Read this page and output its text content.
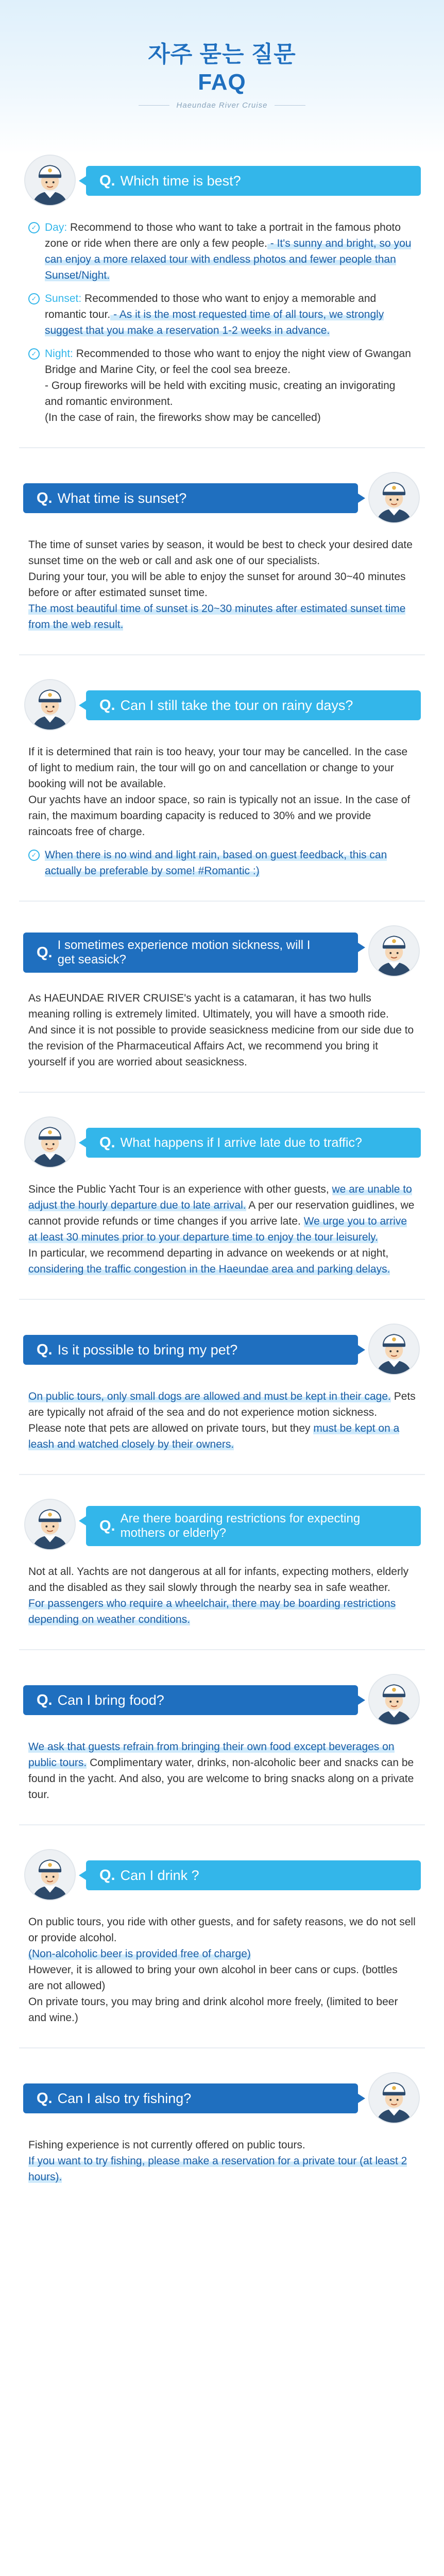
자주 묻는 질문
FAQ
Haeundae River Cruise
Q. Which time is best?
✓ Day: Recommend to those who want to take a portrait in the famous photo zone or ride when there are only a few people. - It's sunny and bright, so you can enjoy a more relaxed tour with endless photos and fewer people than Sunset/Night.

✓ Sunset: Recommended to those who want to enjoy a memorable and romantic tour. - As it is the most requested time of all tours, we strongly suggest that you make a reservation 1-2 weeks in advance.

✓ Night: Recommended to those who want to enjoy the night view of Gwangan Bridge and Marine City, or feel the cool sea breeze.
- Group fireworks will be held with exciting music, creating an invigorating and romantic environment.
(In the case of rain, the fireworks show may be cancelled)

Q. What time is sunset?

The time of sunset varies by season, it would be best to check your desired date sunset time on the web or call and ask one of our specialists.

During your tour, you will be able to enjoy the sunset for around 30~40 minutes before or after estimated sunset time.

The most beautiful time of sunset is 20~30 minutes after estimated sunset time from the web result.

Q. Can I still take the tour on rainy days?

If it is determined that rain is too heavy, your tour may be cancelled. In the case of light to medium rain, the tour will go on and cancellation or change to your booking will not be available.

Our yachts have an indoor space, so rain is typically not an issue. In the case of rain, the maximum boarding capacity is reduced to 30% and we provide raincoats free of charge.

✓ When there is no wind and light rain, based on guest feedback, this can actually be preferable by some! #Romantic :)

Q. I sometimes experience motion sickness, will I get seasick?

As HAEUNDAE RIVER CRUISE's yacht is a catamaran, it has two hulls meaning rolling is extremely limited. Ultimately, you will have a smooth ride.

And since it is not possible to provide seasickness medicine from our side due to the revision of the Pharmaceutical Affairs Act, we recommend you bring it yourself if you are worried about seasickness.

Q. What happens if I arrive late due to traffic?

Since the Public Yacht Tour is an experience with other guests, we are unable to adjust the hourly departure due to late arrival. A per our reservation guidlines, we cannot provide refunds or time changes if you arrive late. We urge you to arrive at least 30 minutes prior to your departure time to enjoy the tour leisurely.

In particular, we recommend departing in advance on weekends or at night, considering the traffic congestion in the Haeundae area and parking delays.

Q. Is it possible to bring my pet?

On public tours, only small dogs are allowed and must be kept in their cage. Pets are typically not afraid of the sea and do not experience motion sickness.

Please note that pets are allowed on private tours, but they must be kept on a leash and watched closely by their owners.

Q. Are there boarding restrictions for expecting mothers or elderly?

Not at all. Yachts are not dangerous at all for infants, expecting mothers, elderly and the disabled as they sail slowly through the nearby sea in safe weather.

For passengers who require a wheelchair, there may be boarding restrictions depending on weather conditions.

Q. Can I bring food?

We ask that guests refrain from bringing their own food except beverages on public tours. Complimentary water, drinks, non-alcoholic beer and snacks can be found in the yacht. And also, you are welcome to bring snacks along on a private tour.

Q. Can I drink ?

On public tours, you ride with other guests, and for safety reasons, we do not sell or provide alcohol.

(Non-alcoholic beer is provided free of charge)

However, it is allowed to bring your own alcohol in beer cans or cups. (bottles are not allowed)

On private tours, you may bring and drink alcohol more freely, (limited to beer and wine.)

Q. Can I also try fishing?

Fishing experience is not currently offered on public tours.

If you want to try fishing, please make a reservation for a private tour (at least 2 hours).
